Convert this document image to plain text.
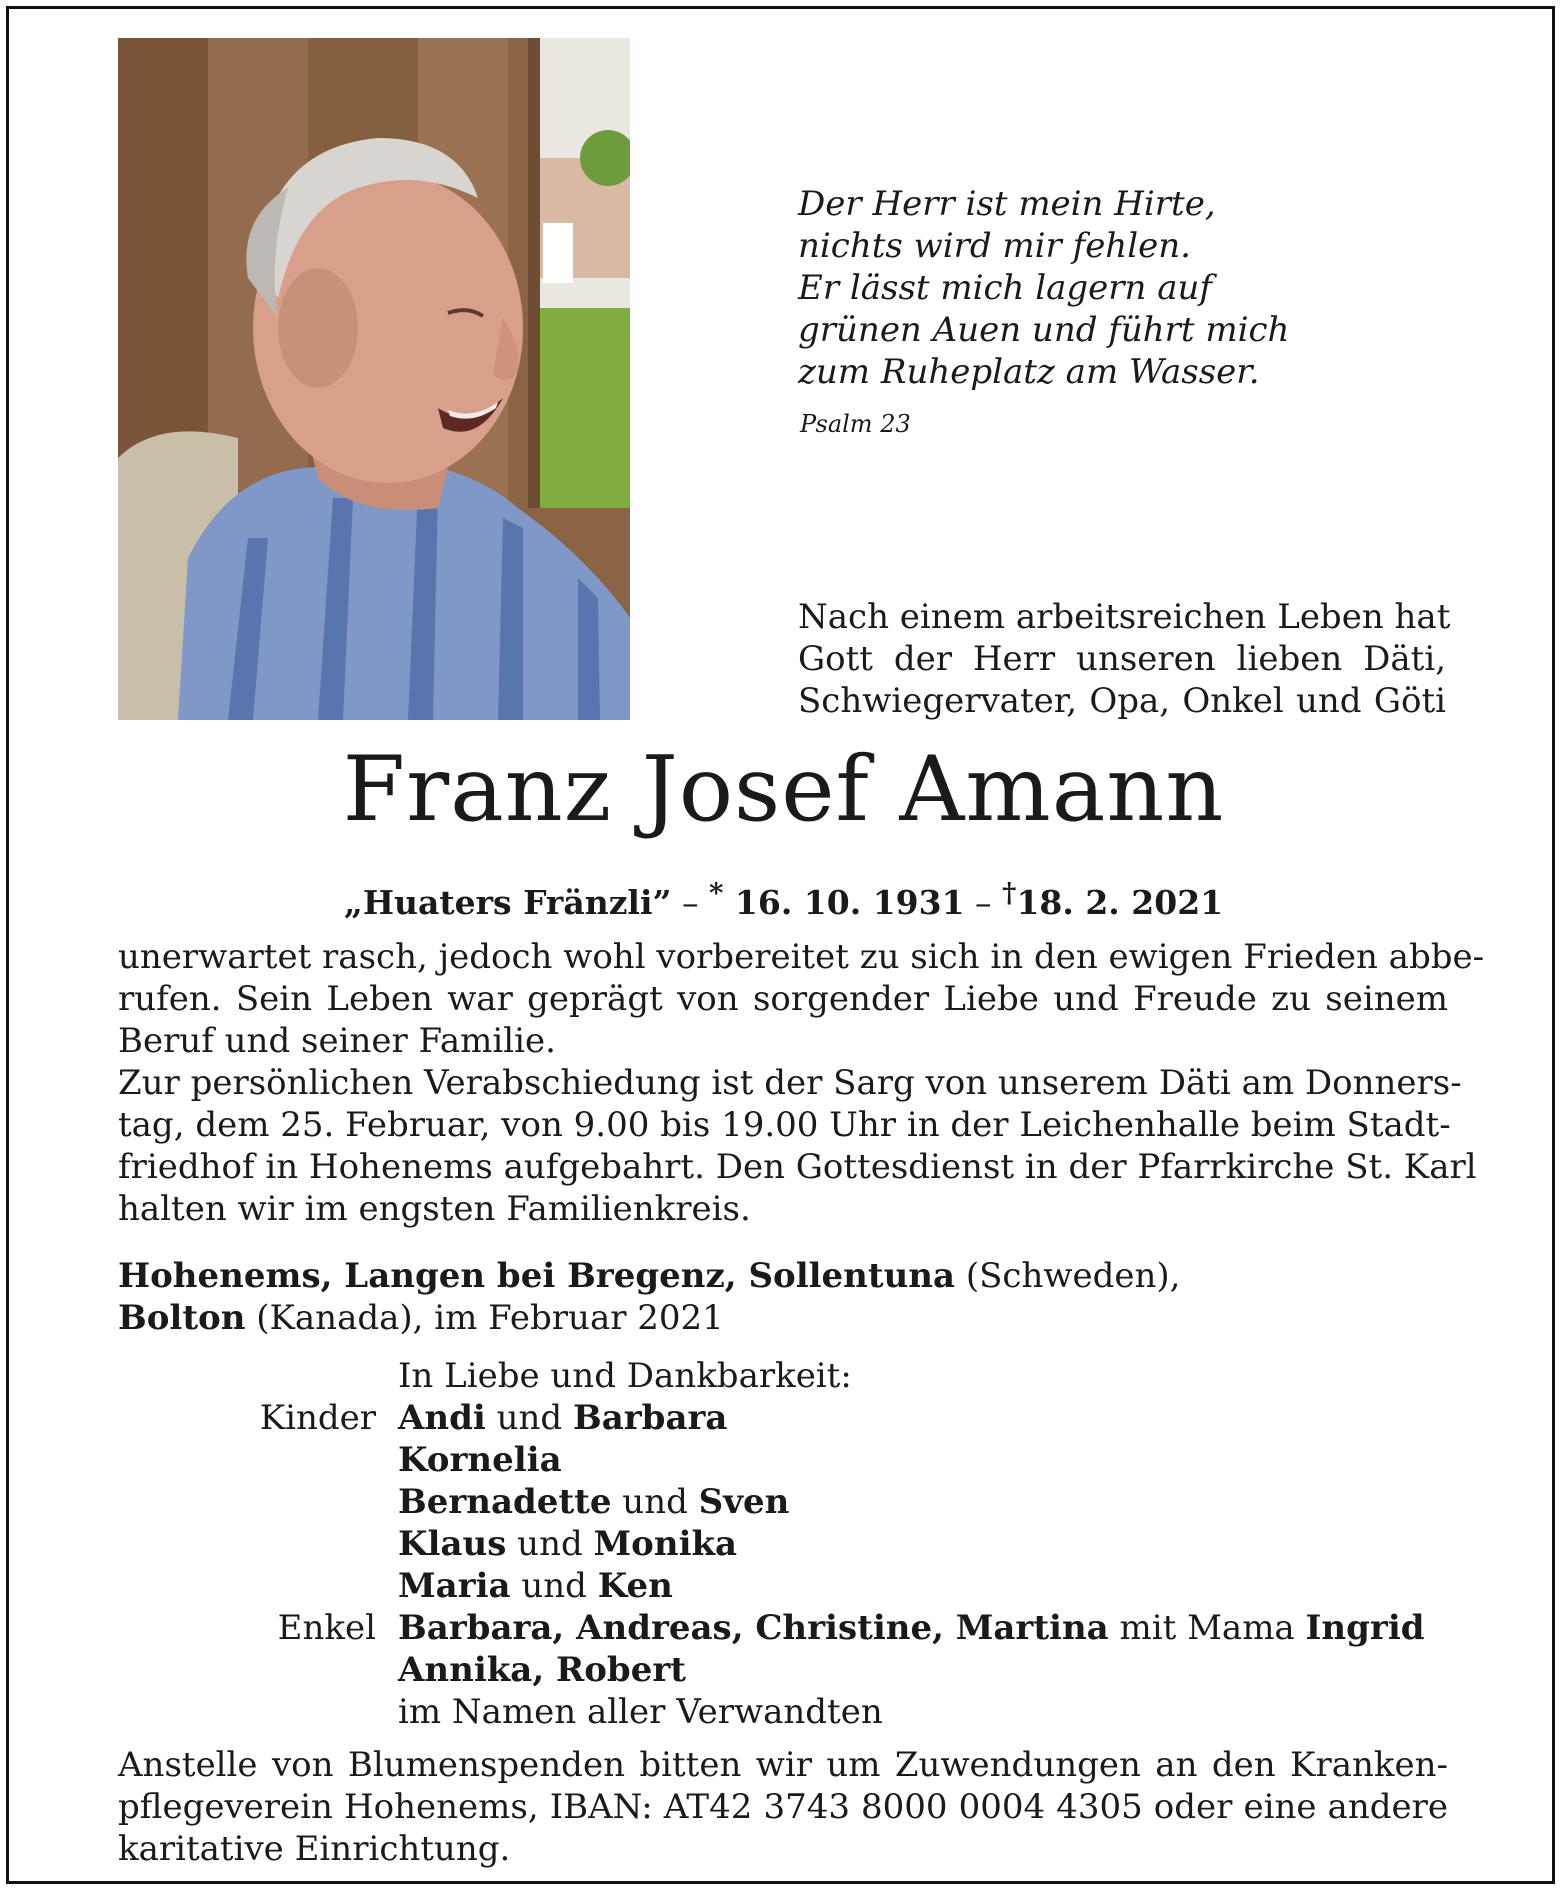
Der Herr ist mein Hirte,
nichts wird mir fehlen.
Er lässt mich lagern auf
grünen Auen und führt mich
zum Ruheplatz am Wasser.
Psalm 23
Nach einem arbeitsreichen Leben hat
Gott der Herr unseren lieben Däti,
Schwiegervater, Opa, Onkel und Göti
Franz Josef Amann
„Huaters Fränzli” – * 16. 10. 1931 – †18. 2. 2021
unerwartet rasch, jedoch wohl vorbereitet zu sich in den ewigen Frieden abbe-
rufen. Sein Leben war geprägt von sorgender Liebe und Freude zu seinem
Beruf und seiner Familie.
Zur persönlichen Verabschiedung ist der Sarg von unserem Däti am Donners-
tag, dem 25. Februar, von 9.00 bis 19.00 Uhr in der Leichenhalle beim Stadt-
friedhof in Hohenems aufgebahrt. Den Gottesdienst in der Pfarrkirche St. Karl
halten wir im engsten Familienkreis.
Hohenems, Langen bei Bregenz, Sollentuna (Schweden),
Bolton (Kanada), im Februar 2021
In Liebe und Dankbarkeit:
Kinder Andi und Barbara
Kornelia
Bernadette und Sven
Klaus und Monika
Maria und Ken
Enkel Barbara, Andreas, Christine, Martina mit Mama Ingrid
Annika, Robert
im Namen aller Verwandten
Anstelle von Blumenspenden bitten wir um Zuwendungen an den Kranken-
pflegeverein Hohenems, IBAN: AT42 3743 8000 0004 4305 oder eine andere
karitative Einrichtung.
